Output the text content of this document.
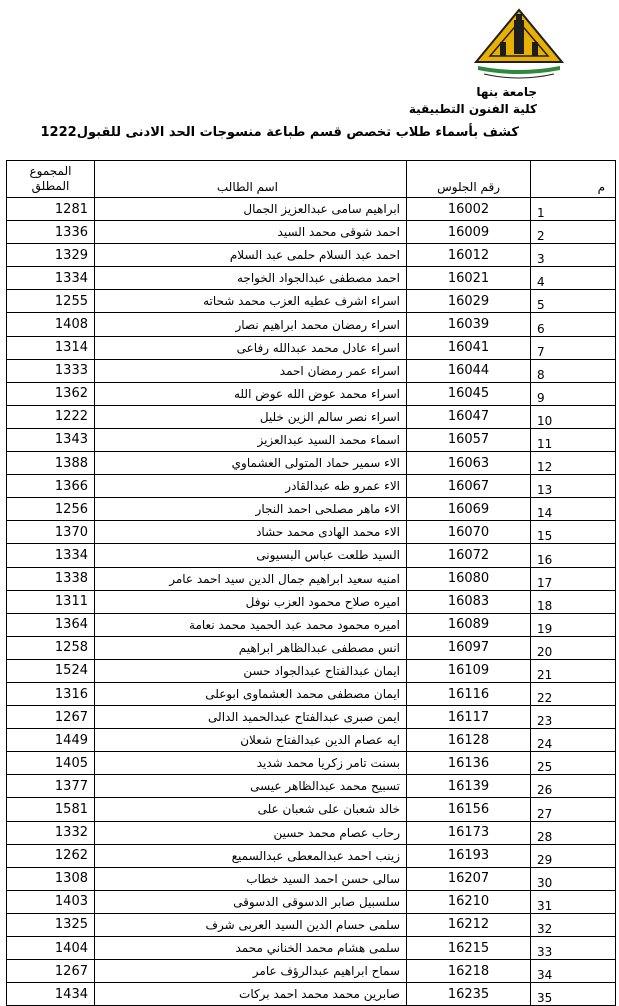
جامعة بنها
كلية الفنون التطبيقية
كشف بأسماء طلاب تخصص قسم طباعة منسوجات الحد الادنى للقبول1222
المجموع
المطلق	اسم الطالب	رقم الجلوس	م
1281	ابراهيم سامى عبدالعزيز الجمال	16002	1
1336	احمد شوقى محمد السيد	16009	2
1329	احمد عبد السلام حلمى عبد السلام	16012	3
1334	احمد مصطفى عبدالجواد الخواجه	16021	4
1255	اسراء اشرف عطيه العزب محمد شحاته	16029	5
1408	اسراء رمضان محمد ابراهيم نصار	16039	6
1314	اسراء عادل محمد عبدالله رفاعى	16041	7
1333	اسراء عمر رمضان احمد	16044	8
1362	اسراء محمد عوض الله عوض الله	16045	9
1222	اسراء نصر سالم الزين خليل	16047	10
1343	اسماء محمد السيد عبدالعزيز	16057	11
1388	الاء سمير حماد المتولى العشماوي	16063	12
1366	الاء عمرو طه عبدالقادر	16067	13
1256	الاء ماهر مصلحى احمد النجار	16069	14
1370	الاء محمد الهادى محمد حشاد	16070	15
1334	السيد طلعت عباس البسيونى	16072	16
1338	امنيه سعيد ابراهيم جمال الدين سيد احمد عامر	16080	17
1311	اميره صلاح محمود العزب نوفل	16083	18
1364	اميره محمود محمد عبد الحميد محمد نعامة	16089	19
1258	انس مصطفى عبدالظاهر ابراهيم	16097	20
1524	ايمان عبدالفتاح عبدالجواد حسن	16109	21
1316	ايمان مصطفى محمد العشماوى ابوعلى	16116	22
1267	ايمن صبرى عبدالفتاح عبدالحميد الدالى	16117	23
1449	ايه عصام الدين عبدالفتاح شعلان	16128	24
1405	بسنت تامر زكريا محمد شديد	16136	25
1377	تسبيح محمد عبدالظاهر عيسى	16139	26
1581	خالد شعبان على شعبان على	16156	27
1332	رحاب عصام محمد حسين	16173	28
1262	زينب احمد عبدالمعطى عبدالسميع	16193	29
1308	سالى حسن احمد السيد خطاب	16207	30
1403	سلسبيل صابر الدسوقى الدسوقى	16210	31
1325	سلمى حسام الدين السيد العربى شرف	16212	32
1404	سلمى هشام محمد الخناني محمد	16215	33
1267	سماح ابراهيم عبدالرؤف عامر	16218	34
1434	صابرين محمد محمد احمد بركات	16235	35
